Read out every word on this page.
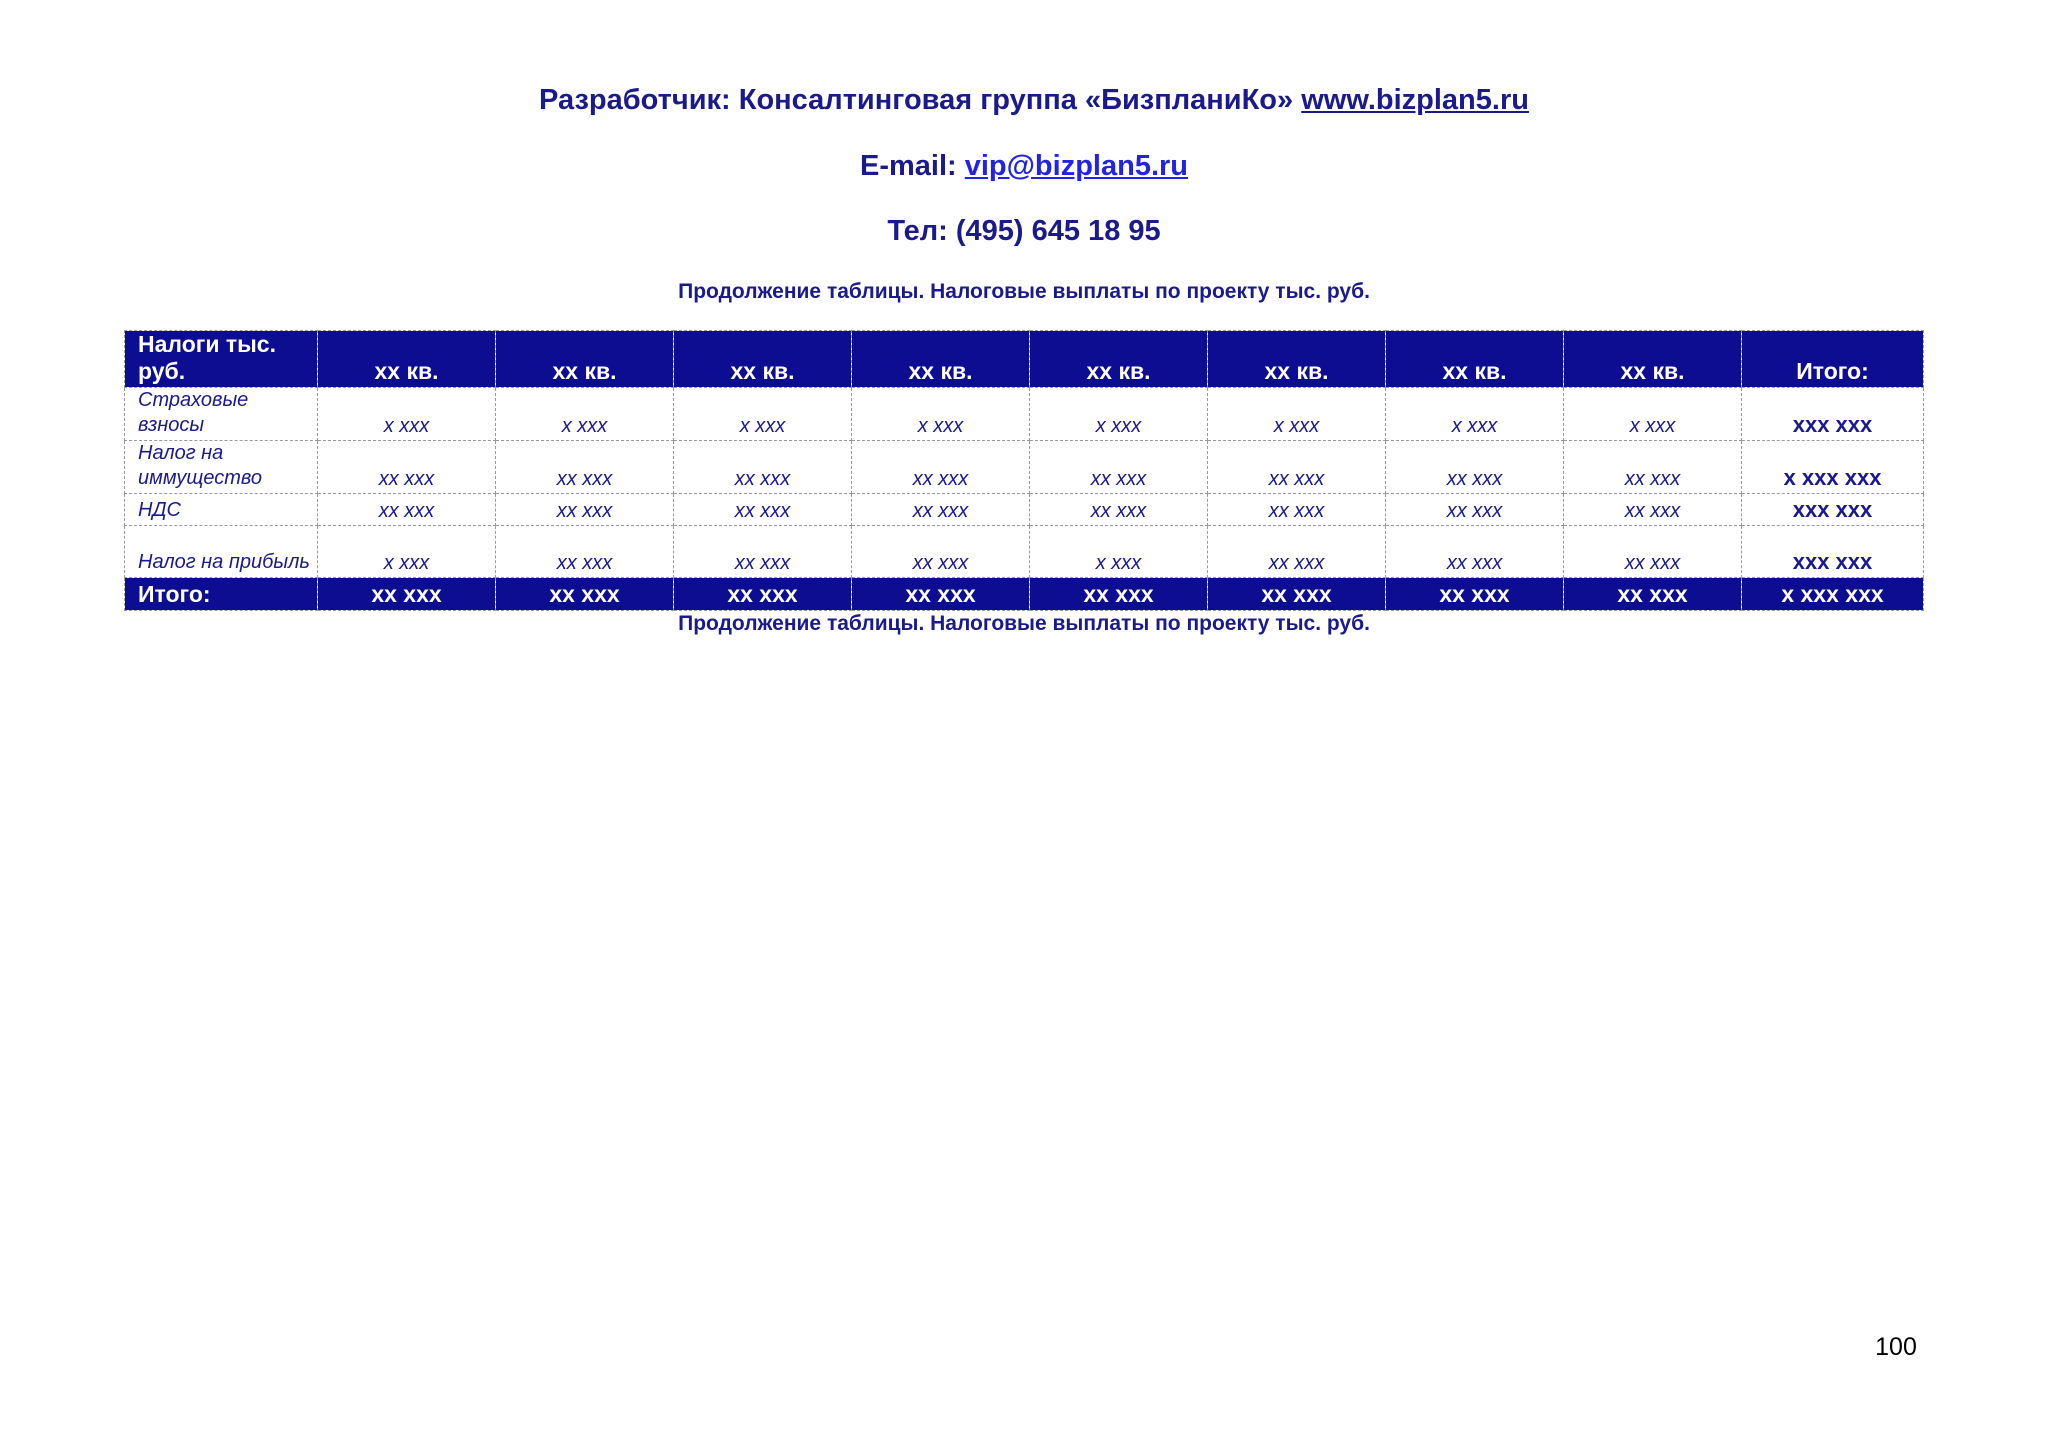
Разработчик: Консалтинговая группа «БизпланиКо» www.bizplan5.ru
E-mail: vip@bizplan5.ru
Тел: (495) 645 18 95
Продолжение таблицы. Налоговые выплаты по проекту тыс. руб.
Налоги тыс. руб.	xx кв.	xx кв.	xx кв.	xx кв.	xx кв.	xx кв.	xx кв.	xx кв.	Итого:
Страховые взносы	x xxx	x xxx	x xxx	x xxx	x xxx	x xxx	x xxx	x xxx	xxx xxx
Налог на иммущество	xx xxx	xx xxx	xx xxx	xx xxx	xx xxx	xx xxx	xx xxx	xx xxx	x xxx xxx
НДС	xx xxx	xx xxx	xx xxx	xx xxx	xx xxx	xx xxx	xx xxx	xx xxx	xxx xxx
Налог на прибыль	x xxx	xx xxx	xx xxx	xx xxx	x xxx	xx xxx	xx xxx	xx xxx	xxx xxx
Итого:	xx xxx	xx xxx	xx xxx	xx xxx	xx xxx	xx xxx	xx xxx	xx xxx	x xxx xxx
Продолжение таблицы. Налоговые выплаты по проекту тыс. руб.
100
